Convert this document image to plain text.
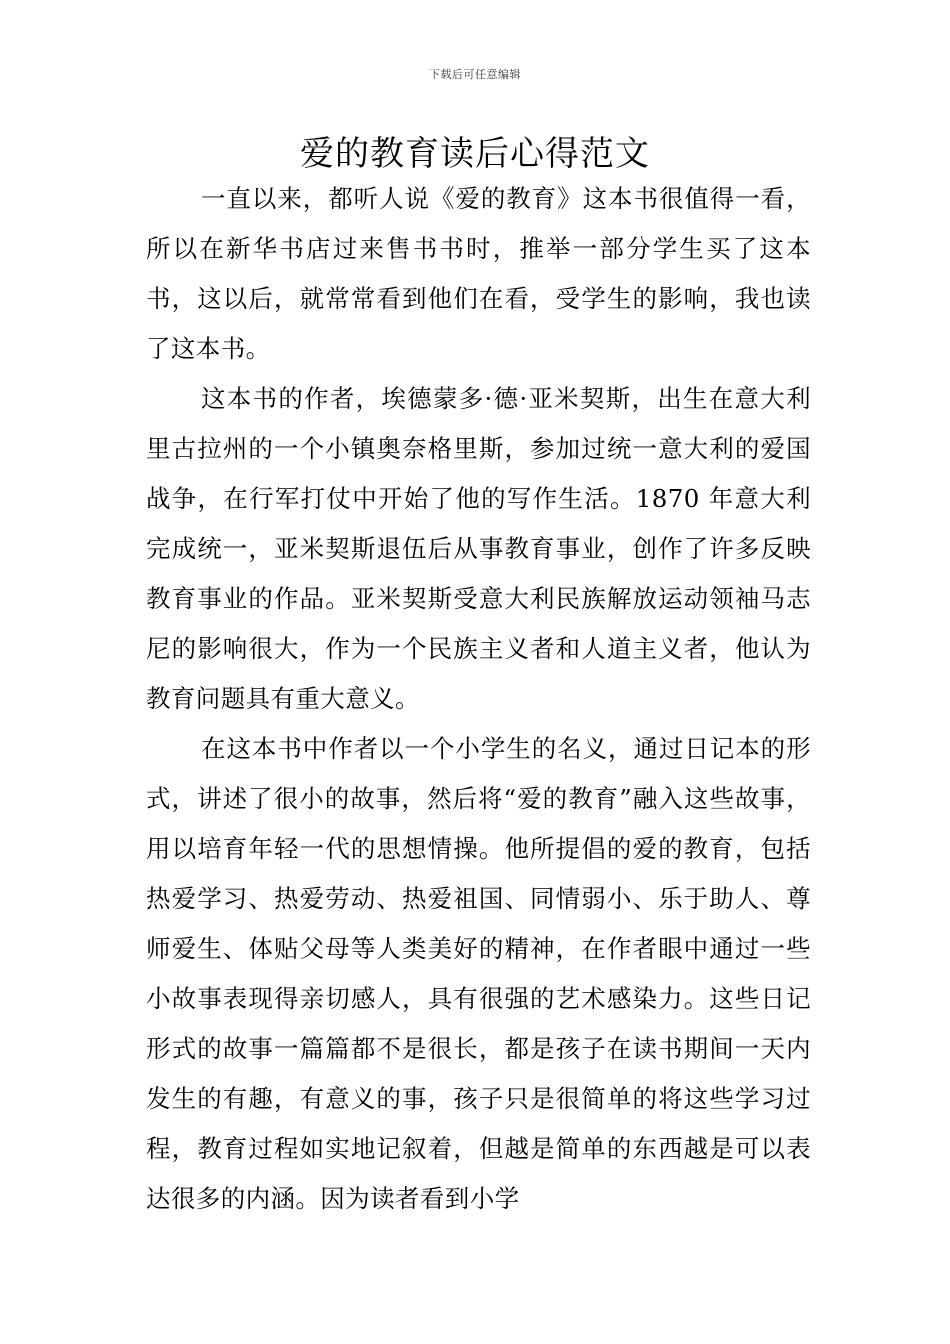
下载后可任意编辑
爱的教育读后心得范文

一直以来，都听人说《爱的教育》这本书很值得一看，所以在新华书店过来售书书时，推举一部分学生买了这本书，这以后，就常常看到他们在看，受学生的影响，我也读了这本书。

这本书的作者，埃德蒙多·德·亚米契斯，出生在意大利里古拉州的一个小镇奥奈格里斯，参加过统一意大利的爱国战争，在行军打仗中开始了他的写作生活。1870 年意大利完成统一，亚米契斯退伍后从事教育事业，创作了许多反映教育事业的作品。亚米契斯受意大利民族解放运动领袖马志尼的影响很大，作为一个民族主义者和人道主义者，他认为教育问题具有重大意义。

在这本书中作者以一个小学生的名义，通过日记本的形式，讲述了很小的故事，然后将“爱的教育”融入这些故事，用以培育年轻一代的思想情操。他所提倡的爱的教育，包括热爱学习、热爱劳动、热爱祖国、同情弱小、乐于助人、尊师爱生、体贴父母等人类美好的精神，在作者眼中通过一些小故事表现得亲切感人，具有很强的艺术感染力。这些日记形式的故事一篇篇都不是很长，都是孩子在读书期间一天内发生的有趣，有意义的事，孩子只是很简单的将这些学习过程，教育过程如实地记叙着，但越是简单的东西越是可以表达很多的内涵。因为读者看到小学
